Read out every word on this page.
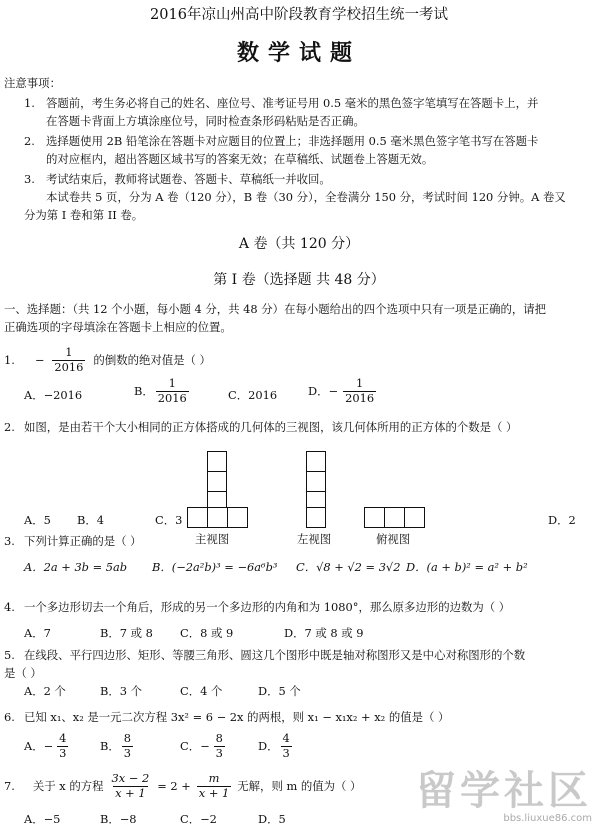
2016年凉山州高中阶段教育学校招生统一考试
数学试题
注意事项：
1. 答题前，考生务必将自己的姓名、座位号、准考证号用 0.5 毫米的黑色签字笔填写在答题卡上，并
在答题卡背面上方填涂座位号，同时检查条形码粘贴是否正确。
2. 选择题使用 2B 铅笔涂在答题卡对应题目的位置上；非选择题用 0.5 毫米黑色签字笔书写在答题卡
的对应框内，超出答题区域书写的答案无效；在草稿纸、试题卷上答题无效。
3. 考试结束后，教师将试题卷、答题卡、草稿纸一并收回。
本试卷共 5 页，分为 A 卷（120 分），B 卷（30 分），全卷满分 150 分，考试时间 120 分钟。A 卷又
分为第 I 卷和第 II 卷。
A 卷（共 120 分）
第 I 卷（选择题 共 48 分）
一、选择题：（共 12 个小题，每小题 4 分，共 48 分）在每小题给出的四个选项中只有一项是正确的，请把
正确选项的字母填涂在答题卡上相应的位置。
1. − $\frac{1}{2016}$ 的倒数的绝对值是（ ）
A．−2016	B． $\frac{1}{2016}$	C．2016	D． − $\frac{1}{2016}$
2. 如图，是由若干个大小相同的正方体搭成的几何体的三视图，该几何体所用的正方体的个数是（ ）
A．5 B．4	C．3	D．2
主视图	左视图	俯视图
3. 下列计算正确的是（ ）
A．2a + 3b = 5ab B．(−2a²b)³ = −6a⁶b³ C．√8 + √2 = 3√2 D．(a + b)² = a² + b²
4. 一个多边形切去一个角后，形成的另一个多边形的内角和为 1080°，那么原多边形的边数为（ ）
A．7	B．7 或 8 C．8 或 9	D．7 或 8 或 9
5. 在线段、平行四边形、矩形、等腰三角形、圆这几个图形中既是轴对称图形又是中心对称图形的个数
是（ ）
A．2 个	B．3 个	C．4 个	D．5 个
6. 已知 x₁、x₂ 是一元二次方程 3x² = 6 − 2x 的两根，则 x₁ − x₁x₂ + x₂ 的值是（ ）
A． − $\frac{4}{3}$	B． $\frac{8}{3}$	C． − $\frac{8}{3}$	D． $\frac{4}{3}$
7. 关于 x 的方程 $\frac{3x - 2}{x + 1} = 2 + \frac{m}{x + 1}$ 无解，则 m 的值为（ ）
A．−5	B．−8	C．−2	D．5
留学社区
bbs.liuxue86.com
